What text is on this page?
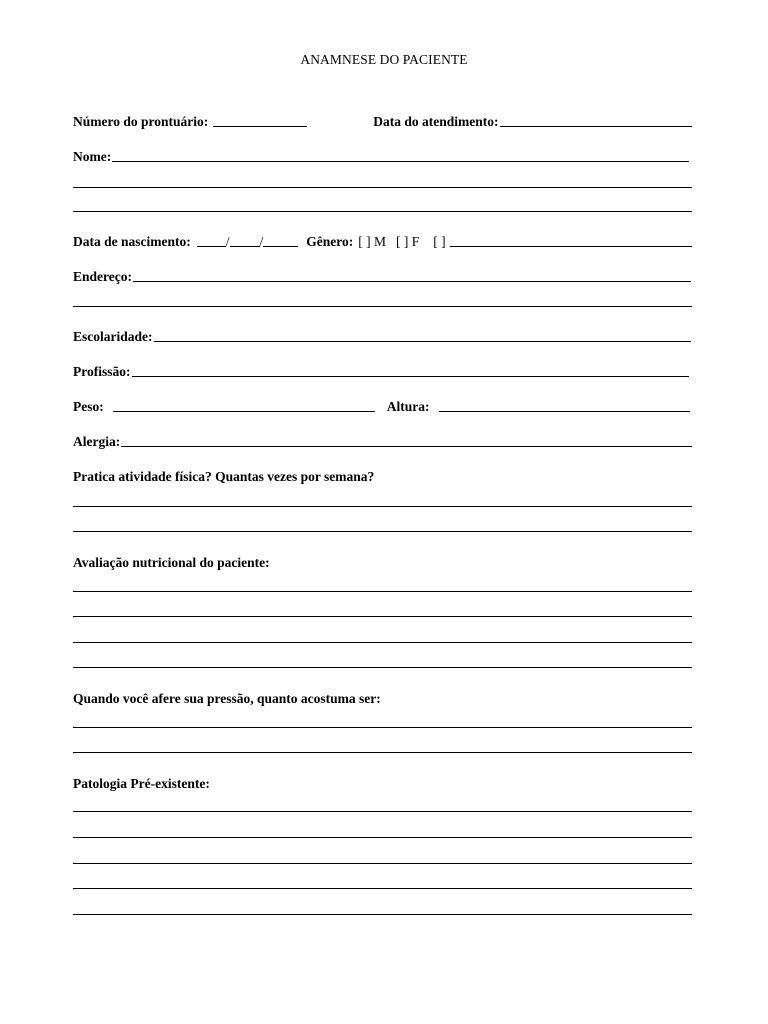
ANAMNESE DO PACIENTE
Número do prontuário:	Data do atendimento:
Nome:
Data de nascimento:	/ /	Gênero: [ ] M [ ] F [ ]
Endereço:
Escolaridade:
Profissão:
Peso:	Altura:
Alergia:
Pratica atividade física? Quantas vezes por semana?
Avaliação nutricional do paciente:
Quando você afere sua pressão, quanto acostuma ser:
Patologia Pré-existente:
